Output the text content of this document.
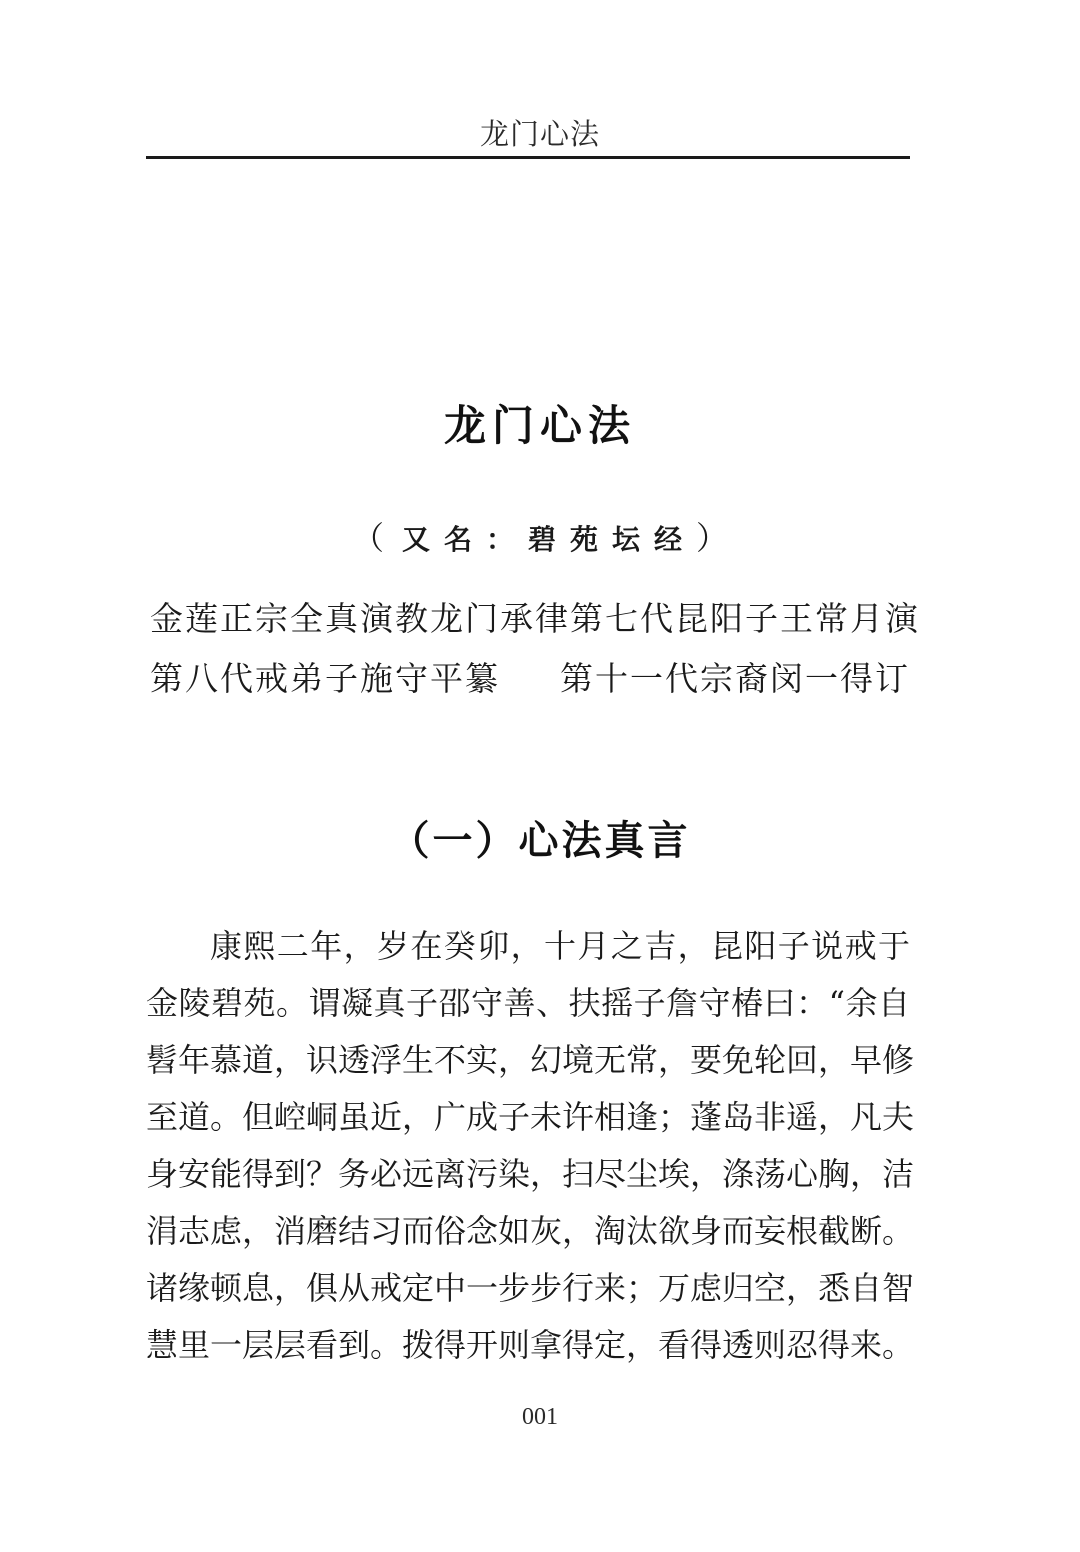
龙门心法
龙门心法
（ 又名：碧苑坛经）
金莲正宗全真演教龙门承律第七代昆阳子王常月演
第八代戒弟子施守平纂 第十一代宗裔闵一得订
（一）心法真言
康熙二年，岁在癸卯，十月之吉，昆阳子说戒于
金陵碧苑。谓凝真子邵守善、扶摇子詹守椿曰：“余自
髫年慕道，识透浮生不实，幻境无常，要免轮回，早修
至道。但崆峒虽近，广成子未许相逢；蓬岛非遥，凡夫
身安能得到？务必远离污染，扫尽尘埃，涤荡心胸，洁
涓志虑，消磨结习而俗念如灰，淘汰欲身而妄根截断。
诸缘顿息，俱从戒定中一步步行来；万虑归空，悉自智
慧里一层层看到。拨得开则拿得定，看得透则忍得来。
001
